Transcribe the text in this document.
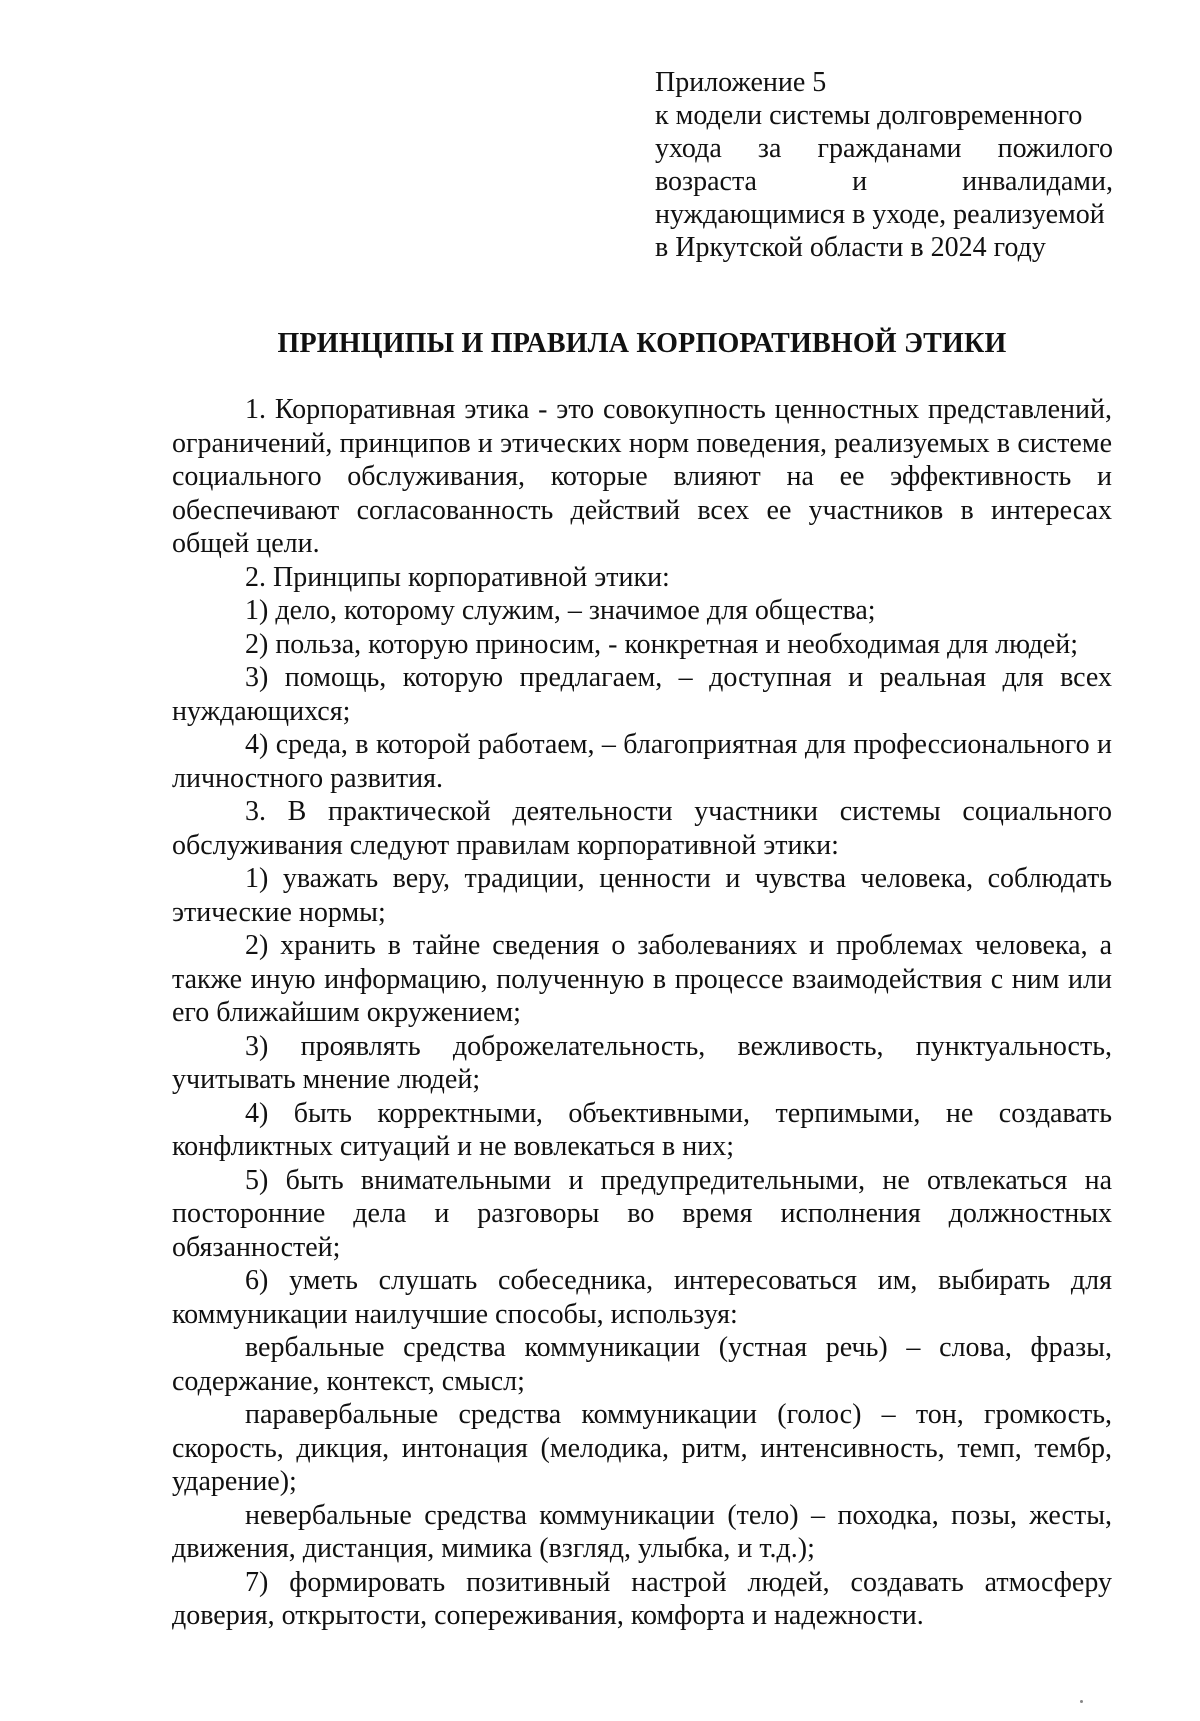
Приложение 5
к модели системы долговременного
ухода за гражданами пожилого
возраста и инвалидами,
нуждающимися в уходе, реализуемой
в Иркутской области в 2024 году
ПРИНЦИПЫ И ПРАВИЛА КОРПОРАТИВНОЙ ЭТИКИ

1. Корпоративная этика - это совокупность ценностных представлений, ограничений, принципов и этических норм поведения, реализуемых в системе социального обслуживания, которые влияют на ее эффективность и обеспечивают согласованность действий всех ее участников в интересах общей цели.

2. Принципы корпоративной этики:

1) дело, которому служим, – значимое для общества;

2) польза, которую приносим, - конкретная и необходимая для людей;

3) помощь, которую предлагаем, – доступная и реальная для всех нуждающихся;

4) среда, в которой работаем, – благоприятная для профессионального и личностного развития.

3. В практической деятельности участники системы социального обслуживания следуют правилам корпоративной этики:

1) уважать веру, традиции, ценности и чувства человека, соблюдать этические нормы;

2) хранить в тайне сведения о заболеваниях и проблемах человека, а также иную информацию, полученную в процессе взаимодействия с ним или его ближайшим окружением;

3) проявлять доброжелательность, вежливость, пунктуальность, учитывать мнение людей;

4) быть корректными, объективными, терпимыми, не создавать конфликтных ситуаций и не вовлекаться в них;

5) быть внимательными и предупредительными, не отвлекаться на посторонние дела и разговоры во время исполнения должностных обязанностей;

6) уметь слушать собеседника, интересоваться им, выбирать для коммуникации наилучшие способы, используя:

вербальные средства коммуникации (устная речь) – слова, фразы, содержание, контекст, смысл;

паравербальные средства коммуникации (голос) – тон, громкость, скорость, дикция, интонация (мелодика, ритм, интенсивность, темп, тембр, ударение);

невербальные средства коммуникации (тело) – походка, позы, жесты, движения, дистанция, мимика (взгляд, улыбка, и т.д.);

7) формировать позитивный настрой людей, создавать атмосферу доверия, открытости, сопереживания, комфорта и надежности.
